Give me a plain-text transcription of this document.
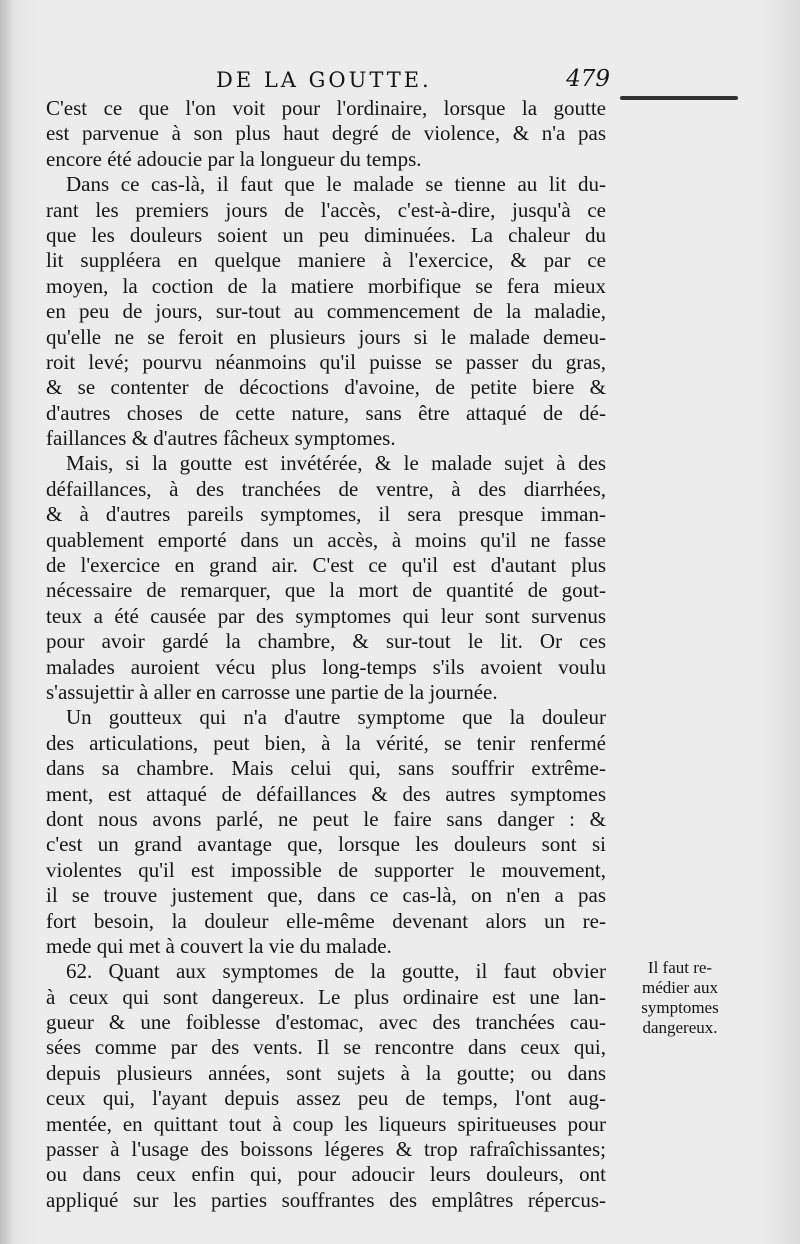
DE LA GOUTTE.	479
C'est ce que l'on voit pour l'ordinaire, lorsque la goutte
est parvenue à son plus haut degré de violence, & n'a pas
encore été adoucie par la longueur du temps.
Dans ce cas-là, il faut que le malade se tienne au lit du-
rant les premiers jours de l'accès, c'est-à-dire, jusqu'à ce
que les douleurs soient un peu diminuées. La chaleur du
lit suppléera en quelque maniere à l'exercice, & par ce
moyen, la coction de la matiere morbifique se fera mieux
en peu de jours, sur-tout au commencement de la maladie,
qu'elle ne se feroit en plusieurs jours si le malade demeu-
roit levé; pourvu néanmoins qu'il puisse se passer du gras,
& se contenter de décoctions d'avoine, de petite biere &
d'autres choses de cette nature, sans être attaqué de dé-
faillances & d'autres fâcheux symptomes.
Mais, si la goutte est invétérée, & le malade sujet à des
défaillances, à des tranchées de ventre, à des diarrhées,
& à d'autres pareils symptomes, il sera presque imman-
quablement emporté dans un accès, à moins qu'il ne fasse
de l'exercice en grand air. C'est ce qu'il est d'autant plus
nécessaire de remarquer, que la mort de quantité de gout-
teux a été causée par des symptomes qui leur sont survenus
pour avoir gardé la chambre, & sur-tout le lit. Or ces
malades auroient vécu plus long-temps s'ils avoient voulu
s'assujettir à aller en carrosse une partie de la journée.
Un goutteux qui n'a d'autre symptome que la douleur
des articulations, peut bien, à la vérité, se tenir renfermé
dans sa chambre. Mais celui qui, sans souffrir extrême-
ment, est attaqué de défaillances & des autres symptomes
dont nous avons parlé, ne peut le faire sans danger : &
c'est un grand avantage que, lorsque les douleurs sont si
violentes qu'il est impossible de supporter le mouvement,
il se trouve justement que, dans ce cas-là, on n'en a pas
fort besoin, la douleur elle-même devenant alors un re-
mede qui met à couvert la vie du malade.
62. Quant aux symptomes de la goutte, il faut obvier
à ceux qui sont dangereux. Le plus ordinaire est une lan-
gueur & une foiblesse d'estomac, avec des tranchées cau-
sées comme par des vents. Il se rencontre dans ceux qui,
depuis plusieurs années, sont sujets à la goutte; ou dans
ceux qui, l'ayant depuis assez peu de temps, l'ont aug-
mentée, en quittant tout à coup les liqueurs spiritueuses pour
passer à l'usage des boissons légeres & trop rafraîchissantes;
ou dans ceux enfin qui, pour adoucir leurs douleurs, ont
appliqué sur les parties souffrantes des emplâtres répercus-
Il faut re-
médier aux
symptomes
dangereux.
